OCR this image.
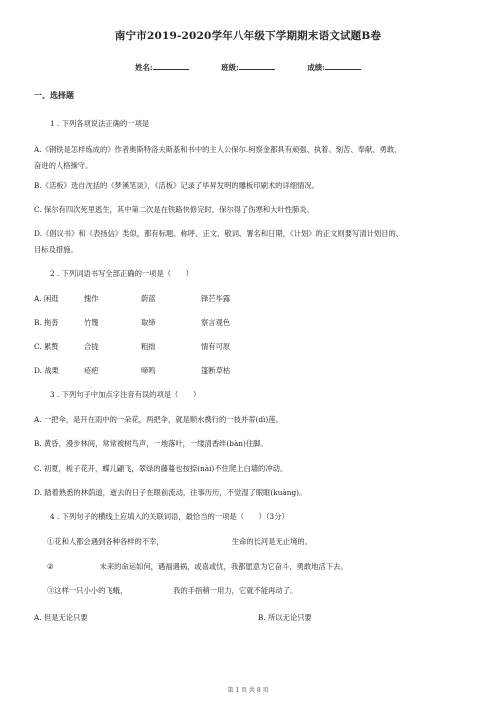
南宁市2019-2020学年八年级下学期期末语文试题B卷
姓名:	班级:	成绩:
一、选择题
1 . 下列各项说法正确的一项是
A.《钢铁是怎样炼成的》作者奥斯特洛夫斯基和书中的主人公保尔.柯察金都具有顽强、执着、刻苦、奉献、勇敢、
奋进的人格操守。
B.《活板》选自沈括的《梦溪笔谈》，《活板》记录了毕昇发明的雕板印刷术的详细情况。
C. 保尔有四次死里逃生，其中第二次是在铁路快修完时，保尔得了伤寒和大叶性肺炎。
D.《倡议书》和《表扬信》类似，都有标题、称呼、正文、敬词、署名和日期，《计划》的正文则要写清计划目的、
目标及措施。
2 . 下列词语书写全部正确的一项是（　　）
A. 闲逛	愧作	蔚蓝	锋芒毕露
B. 拖沓	竹篾	取缔	察言观色
C. 累赘	合拢	粗拙	情有可原
D. 战栗	疮疤	啼鸣	篷断草枯
3 . 下列句子中加点字注音有误的项是（　　）
A. 一把伞，是开在雨中的一朵花，两把伞，就是顺水携行的一枝并蒂(dì)莲。
B. 黄昏，漫步林间，常常被树鸟声，一地落叶，一缕清香绊(bàn)住脚。
C. 初夏，栀子花开，蝶儿翩飞，翠绿的藤蔓也按捺(nài)不住爬上白墙的冲动。
D. 踏着熟悉的林荫道，逝去的日子在眼前流动，往事历历，不觉湿了眼眶(kuàng)。
4 . 下列句子的横线上应填入的关联词语，最恰当的一项是（　　）（3分）
①花和人都会遇到各种各样的不幸，	生命的长河是无止境的。
②	未来的命运如何，遇福遇祸，或喜或忧，我都愿意为它奋斗，勇敢地活下去。
③这样一只小小的飞蛾，	我的手指稍一用力，它就不能再动了。
A. 但是无论只要	B. 所以无论只要
第 1 页 共 8 页
